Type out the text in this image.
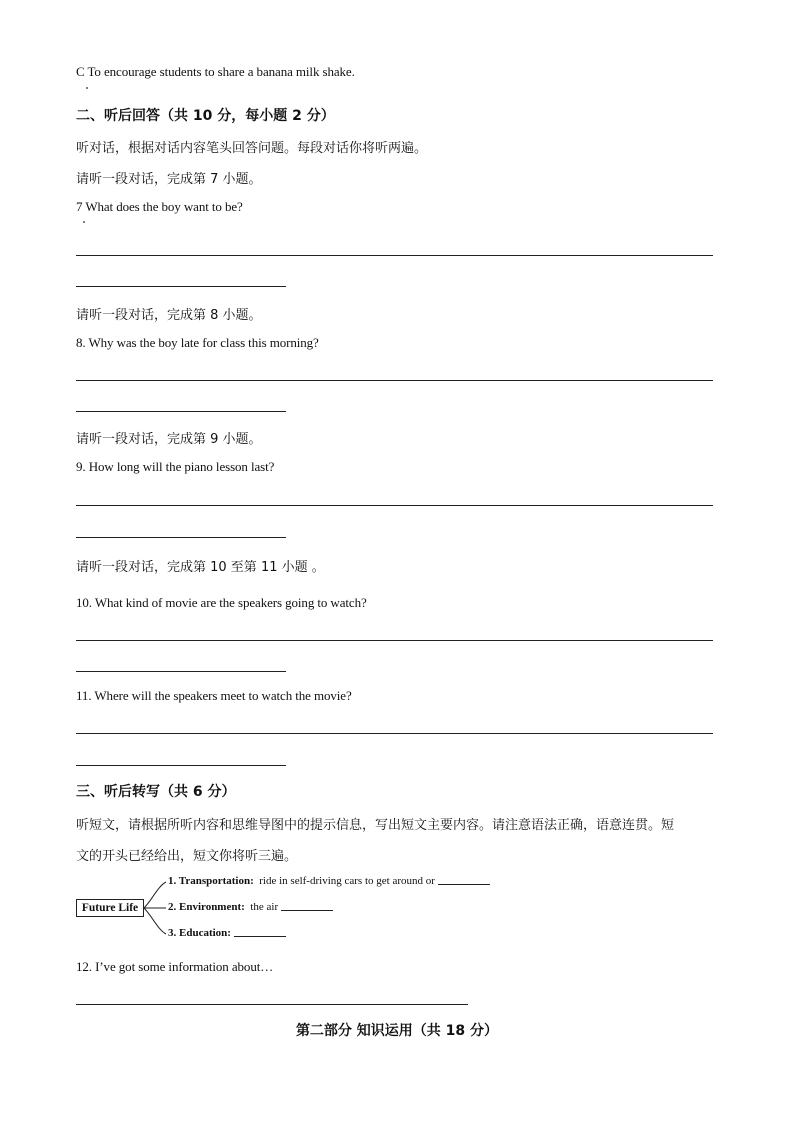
C To encourage students to share a banana milk shake.
二、听后回答（共 10 分，每小题 2 分）
听对话，根据对话内容笔头回答问题。每段对话你将听两遍。
请听一段对话，完成第 7 小题。
7 What does the boy want to be?
请听一段对话，完成第 8 小题。
8. Why was the boy late for class this morning?
请听一段对话，完成第 9 小题。
9. How long will the piano lesson last?
请听一段对话，完成第 10 至第 11 小题 。
10. What kind of movie are the speakers going to watch?
11. Where will the speakers meet to watch the movie?
三、听后转写（共 6 分）
听短文，请根据所听内容和思维导图中的提示信息，写出短文主要内容。请注意语法正确，语意连贯。短
文的开头已经给出，短文你将听三遍。
Future Life
1. Transportation: ride in self-driving cars to get around or
2. Environment: the air
3. Education:
12. I’ve got some information about…
第二部分 知识运用（共 18 分）
